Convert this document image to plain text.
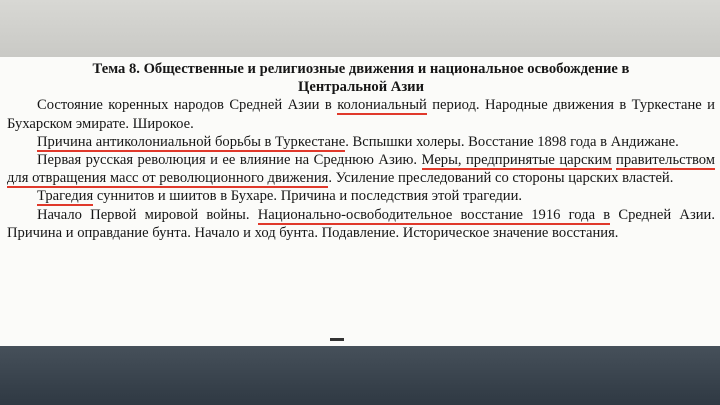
Тема 8. Общественные и религиозные движения и национальное освобождение в
Центральной Азии

Состояние коренных народов Средней Азии в колониальный период. Народные движения в Туркестане и Бухарском эмирате. Широкое.

Причина антиколониальной борьбы в Туркестане. Вспышки холеры. Восстание 1898 года в Андижане.

Первая русская революция и ее влияние на Среднюю Азию. Меры, предпринятые царским правительством для отвращения масс от революционного движения. Усиление преследований со стороны царских властей.

Трагедия суннитов и шиитов в Бухаре. Причина и последствия этой трагедии.

Начало Первой мировой войны. Национально-освободительное восстание 1916 года в Средней Азии. Причина и оправдание бунта. Начало и ход бунта. Подавление. Историческое значение восстания.
